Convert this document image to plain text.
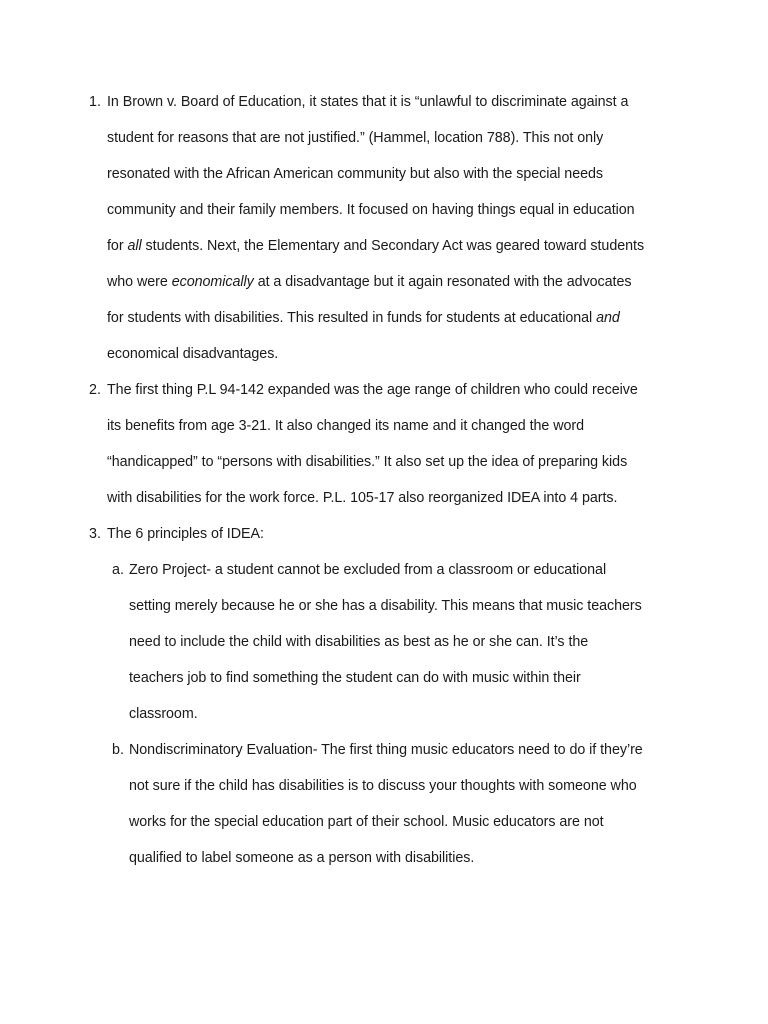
1. In Brown v. Board of Education, it states that it is “unlawful to discriminate against a
student for reasons that are not justified.” (Hammel, location 788). This not only
resonated with the African American community but also with the special needs
community and their family members. It focused on having things equal in education
for all students. Next, the Elementary and Secondary Act was geared toward students
who were economically at a disadvantage but it again resonated with the advocates
for students with disabilities. This resulted in funds for students at educational and
economical disadvantages.
2. The first thing P.L 94-142 expanded was the age range of children who could receive
its benefits from age 3-21. It also changed its name and it changed the word
“handicapped” to “persons with disabilities.” It also set up the idea of preparing kids
with disabilities for the work force. P.L. 105-17 also reorganized IDEA into 4 parts.
3. The 6 principles of IDEA:
a. Zero Project- a student cannot be excluded from a classroom or educational
setting merely because he or she has a disability. This means that music teachers
need to include the child with disabilities as best as he or she can. It’s the
teachers job to find something the student can do with music within their
classroom.
b. Nondiscriminatory Evaluation- The first thing music educators need to do if they’re
not sure if the child has disabilities is to discuss your thoughts with someone who
works for the special education part of their school. Music educators are not
qualified to label someone as a person with disabilities.
